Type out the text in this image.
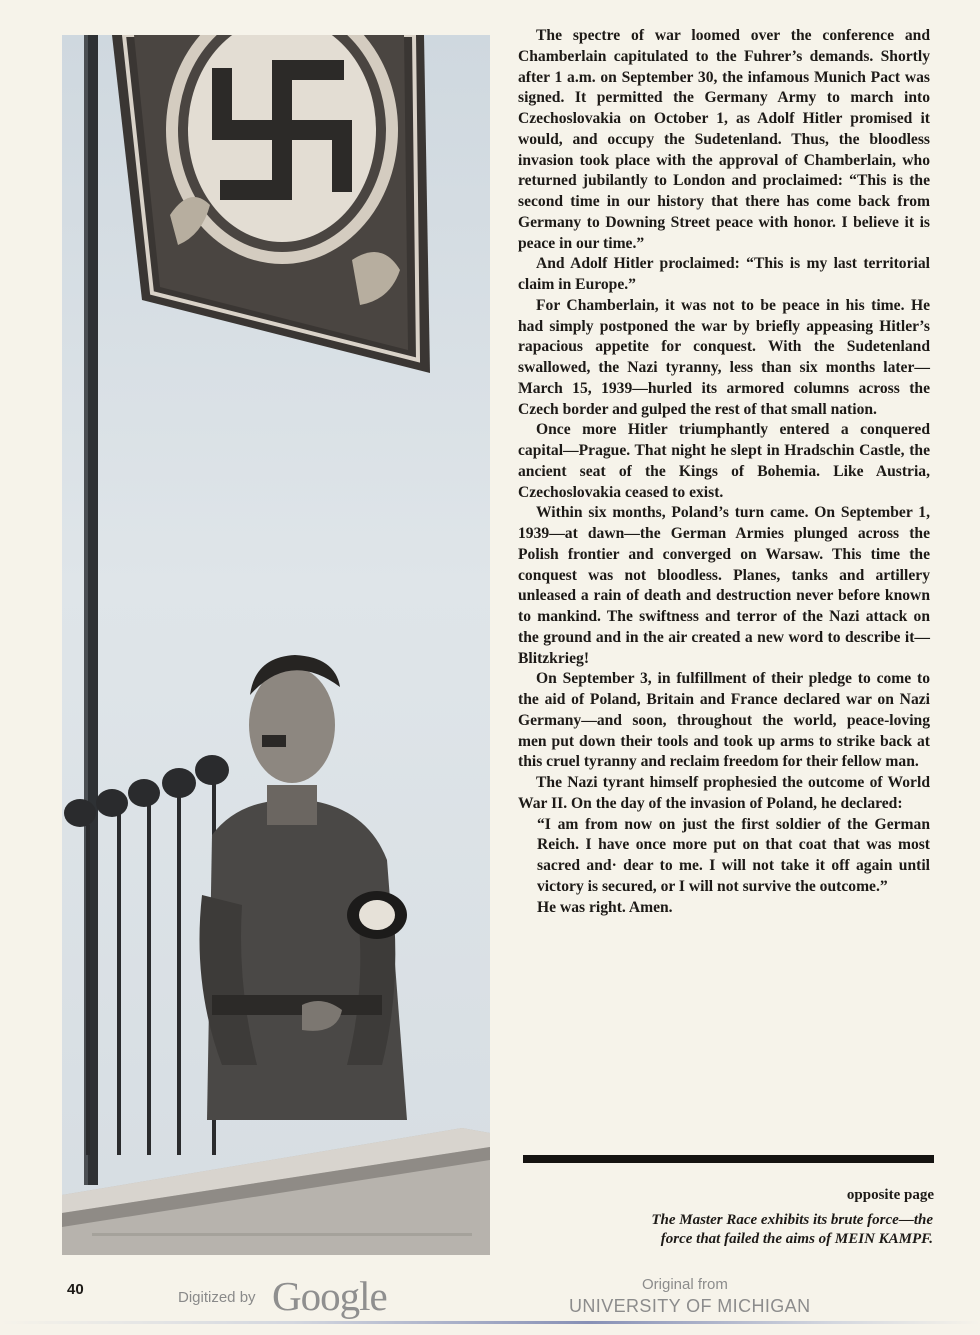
The spectre of war loomed over the conference and Chamberlain capitulated to the Fuhrer’s demands. Shortly after 1 a.m. on September 30, the infamous Munich Pact was signed. It permitted the Germany Army to march into Czechoslovakia on October 1, as Adolf Hitler promised it would, and occupy the Sudetenland. Thus, the bloodless invasion took place with the approval of Chamberlain, who returned jubilantly to London and proclaimed: “This is the second time in our history that there has come back from Germany to Downing Street peace with honor. I believe it is peace in our time.”

And Adolf Hitler proclaimed: “This is my last territorial claim in Europe.”

For Chamberlain, it was not to be peace in his time. He had simply postponed the war by briefly appeasing Hitler’s rapacious appetite for conquest. With the Sudetenland swallowed, the Nazi tyranny, less than six months later—March 15, 1939—hurled its armored columns across the Czech border and gulped the rest of that small nation.

Once more Hitler triumphantly entered a conquered capital—Prague. That night he slept in Hradschin Castle, the ancient seat of the Kings of Bohemia. Like Austria, Czechoslovakia ceased to exist.

Within six months, Poland’s turn came. On September 1, 1939—at dawn—the German Armies plunged across the Polish frontier and converged on Warsaw. This time the conquest was not bloodless. Planes, tanks and artillery unleased a rain of death and destruction never before known to mankind. The swiftness and terror of the Nazi attack on the ground and in the air created a new word to describe it—Blitzkrieg!

On September 3, in fulfillment of their pledge to come to the aid of Poland, Britain and France declared war on Nazi Germany—and soon, throughout the world, peace-loving men put down their tools and took up arms to strike back at this cruel tyranny and reclaim freedom for their fellow man.

The Nazi tyrant himself prophesied the outcome of World War II. On the day of the invasion of Poland, he declared:

“I am from now on just the first soldier of the German Reich. I have once more put on that coat that was most sacred and· dear to me. I will not take it off again until victory is secured, or I will not survive the outcome.”

He was right. Amen.

opposite page
The Master Race exhibits its brute force—the force that failed the aims of MEIN KAMPF.
40	Digitized by Google	Original from
UNIVERSITY OF MICHIGAN
